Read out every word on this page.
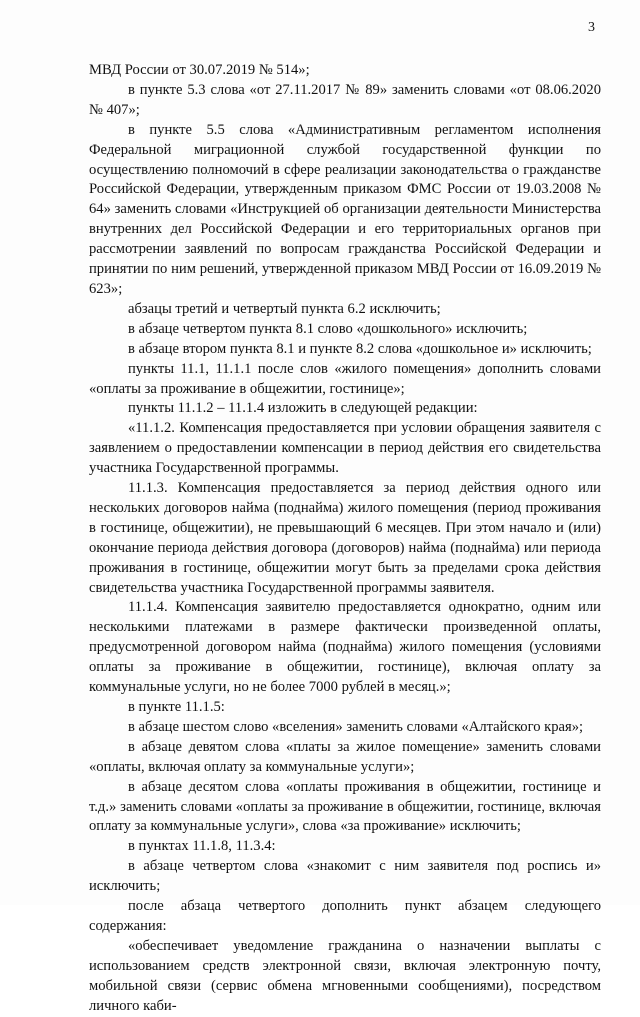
3

МВД России от 30.07.2019 № 514»;

в пункте 5.3 слова «от 27.11.2017 № 89» заменить словами «от 08.06.2020 № 407»;

в пункте 5.5 слова «Административным регламентом исполнения Федеральной миграционной службой государственной функции по осуществлению полномочий в сфере реализации законодательства о гражданстве Российской Федерации, утвержденным приказом ФМС России от 19.03.2008 № 64» заменить словами «Инструкцией об организации деятельности Министерства внутренних дел Российской Федерации и его территориальных органов при рассмотрении заявлений по вопросам гражданства Российской Федерации и принятии по ним решений, утвержденной приказом МВД России от 16.09.2019 № 623»;

абзацы третий и четвертый пункта 6.2 исключить;

в абзаце четвертом пункта 8.1 слово «дошкольного» исключить;

в абзаце втором пункта 8.1 и пункте 8.2 слова «дошкольное и» исключить;

пункты 11.1, 11.1.1 после слов «жилого помещения» дополнить словами «оплаты за проживание в общежитии, гостинице»;

пункты 11.1.2 – 11.1.4 изложить в следующей редакции:

«11.1.2. Компенсация предоставляется при условии обращения заявителя с заявлением о предоставлении компенсации в период действия его свидетельства участника Государственной программы.

11.1.3. Компенсация предоставляется за период действия одного или нескольких договоров найма (поднайма) жилого помещения (период проживания в гостинице, общежитии), не превышающий 6 месяцев. При этом начало и (или) окончание периода действия договора (договоров) найма (поднайма) или периода проживания в гостинице, общежитии могут быть за пределами срока действия свидетельства участника Государственной программы заявителя.

11.1.4. Компенсация заявителю предоставляется однократно, одним или несколькими платежами в размере фактически произведенной оплаты, предусмотренной договором найма (поднайма) жилого помещения (условиями оплаты за проживание в общежитии, гостинице), включая оплату за коммунальные услуги, но не более 7000 рублей в месяц.»;

в пункте 11.1.5:

в абзаце шестом слово «вселения» заменить словами «Алтайского края»;

в абзаце девятом слова «платы за жилое помещение» заменить словами «оплаты, включая оплату за коммунальные услуги»;

в абзаце десятом слова «оплаты проживания в общежитии, гостинице и т.д.» заменить словами «оплаты за проживание в общежитии, гостинице, включая оплату за коммунальные услуги», слова «за проживание» исключить;

в пунктах 11.1.8, 11.3.4:

в абзаце четвертом слова «знакомит с ним заявителя под роспись и» исключить;

после абзаца четвертого дополнить пункт абзацем следующего содержания:

«обеспечивает уведомление гражданина о назначении выплаты с использованием средств электронной связи, включая электронную почту, мобильной связи (сервис обмена мгновенными сообщениями), посредством личного каби-
